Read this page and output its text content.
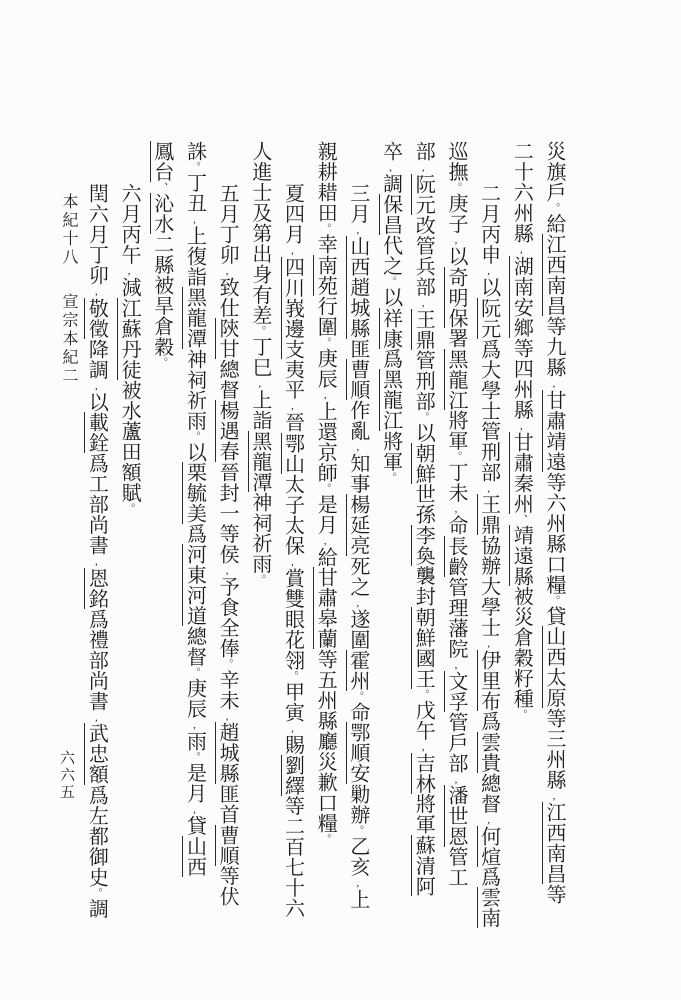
本紀十八宣宗本紀二
六六五
災旗戶。給江西南昌等九縣,甘肅靖遠等六州縣口糧。貸山西太原等三州縣,江西南昌等
二十六州縣,湖南安鄉等四州縣,甘肅秦州、靖遠縣被災倉穀籽種。
二月丙申,以阮元爲大學士管刑部,王鼎協辦大學士,伊里布爲雲貴總督,何煊爲雲南
巡撫。庚子,以奇明保署黑龍江將軍。丁未,命長齡管理藩院,文孚管戶部,潘世恩管工
部,阮元改管兵部,王鼎管刑部。以朝鮮世孫李奐襲封朝鮮國王。戊午,吉林將軍蘇清阿
卒,調保昌代之。以祥康爲黑龍江將軍。
三月,山西趙城縣匪曹順作亂,知事楊延亮死之,遂圍霍州。命鄂順安勦辦。乙亥,上
親耕耤田。幸南苑行圍。庚辰,上還京師。是月,給甘肅皋蘭等五州縣廳災歉口糧。
夏四月,四川峩邊支夷平,晉鄂山太子太保,賞雙眼花翎。甲寅,賜劉繹等二百七十六
人進士及第出身有差。丁巳,上詣黑龍潭神祠祈雨。
五月丁卯,致仕陝甘總督楊遇春晉封一等侯,予食全俸。辛未,趙城縣匪首曹順等伏
誅。丁丑,上復詣黑龍潭神祠祈雨。以栗毓美爲河東河道總督。庚辰,雨。是月,貸山西
鳳台、沁水二縣被旱倉穀。
六月丙午,減江蘇丹徒被水蘆田額賦。
閏六月丁卯,敬徵降調,以載銓爲工部尚書,恩銘爲禮部尚書,武忠額爲左都御史。調
